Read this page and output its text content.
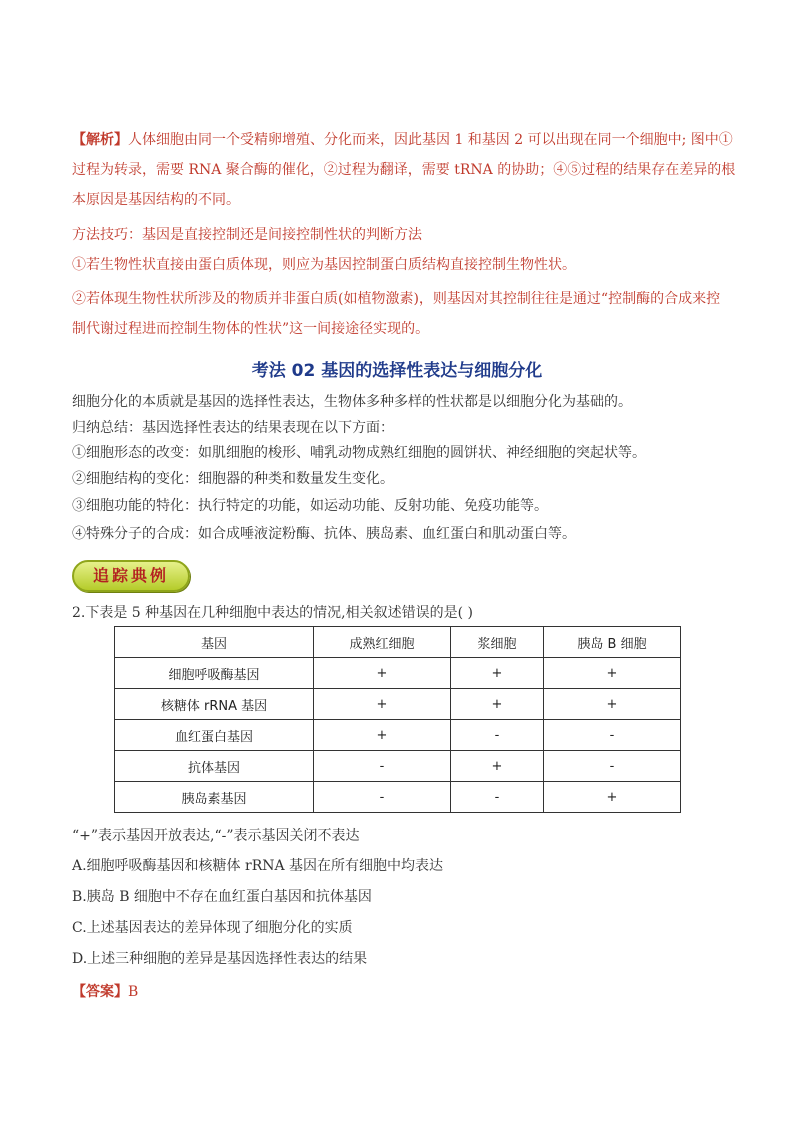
【解析】人体细胞由同一个受精卵增殖、分化而来，因此基因 1 和基因 2 可以出现在同一个细胞中; 图中①
过程为转录，需要 RNA 聚合酶的催化，②过程为翻译，需要 tRNA 的协助；④⑤过程的结果存在差异的根
本原因是基因结构的不同。
方法技巧：基因是直接控制还是间接控制性状的判断方法
①若生物性状直接由蛋白质体现，则应为基因控制蛋白质结构直接控制生物性状。
②若体现生物性状所涉及的物质并非蛋白质(如植物激素)，则基因对其控制往往是通过“控制酶的合成来控
制代谢过程进而控制生物体的性状”这一间接途径实现的。
考法 02 基因的选择性表达与细胞分化
细胞分化的本质就是基因的选择性表达，生物体多种多样的性状都是以细胞分化为基础的。
归纳总结：基因选择性表达的结果表现在以下方面：
①细胞形态的改变：如肌细胞的梭形、哺乳动物成熟红细胞的圆饼状、神经细胞的突起状等。
②细胞结构的变化：细胞器的种类和数量发生变化。
③细胞功能的特化：执行特定的功能，如运动功能、反射功能、免疫功能等。
④特殊分子的合成：如合成唾液淀粉酶、抗体、胰岛素、血红蛋白和肌动蛋白等。
追踪典例
2.下表是 5 种基因在几种细胞中表达的情况,相关叙述错误的是( )
基因	成熟红细胞	浆细胞	胰岛 B 细胞
细胞呼吸酶基因	+	+	+
核糖体 rRNA 基因	+	+	+
血红蛋白基因	+	-	-
抗体基因	-	+	-
胰岛素基因	-	-	+
“+”表示基因开放表达,“-”表示基因关闭不表达
A.细胞呼吸酶基因和核糖体 rRNA 基因在所有细胞中均表达
B.胰岛 B 细胞中不存在血红蛋白基因和抗体基因
C.上述基因表达的差异体现了细胞分化的实质
D.上述三种细胞的差异是基因选择性表达的结果
【答案】B
